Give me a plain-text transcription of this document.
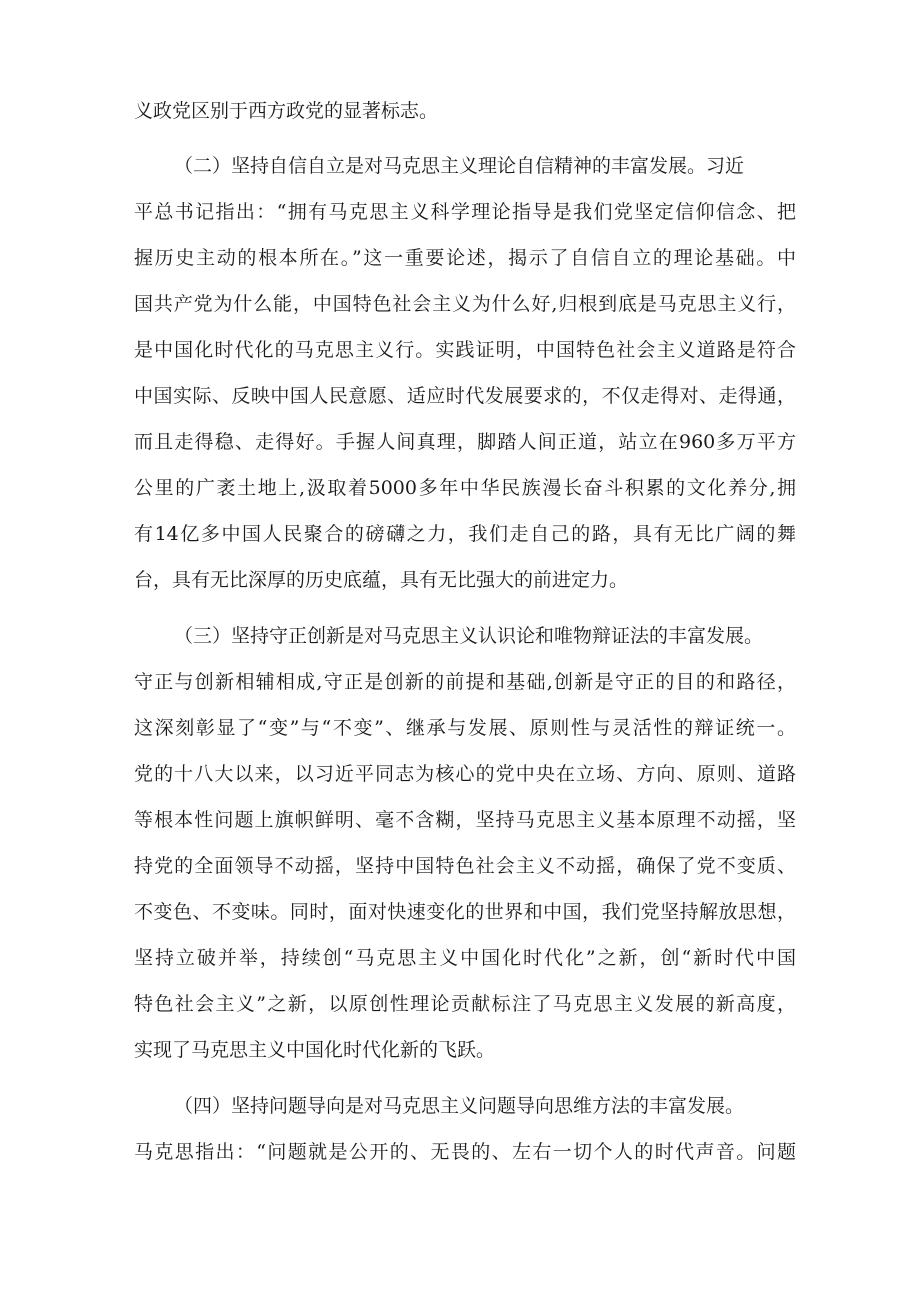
义政党区别于西方政党的显著标志。
（二）坚持自信自立是对马克思主义理论自信精神的丰富发展。习近
平总书记指出：“拥有马克思主义科学理论指导是我们党坚定信仰信念、把
握历史主动的根本所在。”这一重要论述，揭示了自信自立的理论基础。中
国共产党为什么能，中国特色社会主义为什么好,归根到底是马克思主义行，
是中国化时代化的马克思主义行。实践证明，中国特色社会主义道路是符合
中国实际、反映中国人民意愿、适应时代发展要求的，不仅走得对、走得通，
而且走得稳、走得好。手握人间真理，脚踏人间正道，站立在960多万平方
公里的广袤土地上,汲取着5000多年中华民族漫长奋斗积累的文化养分,拥
有14亿多中国人民聚合的磅礴之力，我们走自己的路，具有无比广阔的舞
台，具有无比深厚的历史底蕴，具有无比强大的前进定力。
（三）坚持守正创新是对马克思主义认识论和唯物辩证法的丰富发展。
守正与创新相辅相成,守正是创新的前提和基础,创新是守正的目的和路径，
这深刻彰显了“变”与“不变”、继承与发展、原则性与灵活性的辩证统一。
党的十八大以来，以习近平同志为核心的党中央在立场、方向、原则、道路
等根本性问题上旗帜鲜明、毫不含糊，坚持马克思主义基本原理不动摇，坚
持党的全面领导不动摇，坚持中国特色社会主义不动摇，确保了党不变质、
不变色、不变味。同时，面对快速变化的世界和中国，我们党坚持解放思想，
坚持立破并举，持续创“马克思主义中国化时代化”之新，创“新时代中国
特色社会主义”之新，以原创性理论贡献标注了马克思主义发展的新高度，
实现了马克思主义中国化时代化新的飞跃。
（四）坚持问题导向是对马克思主义问题导向思维方法的丰富发展。
马克思指出：“问题就是公开的、无畏的、左右一切个人的时代声音。问题
